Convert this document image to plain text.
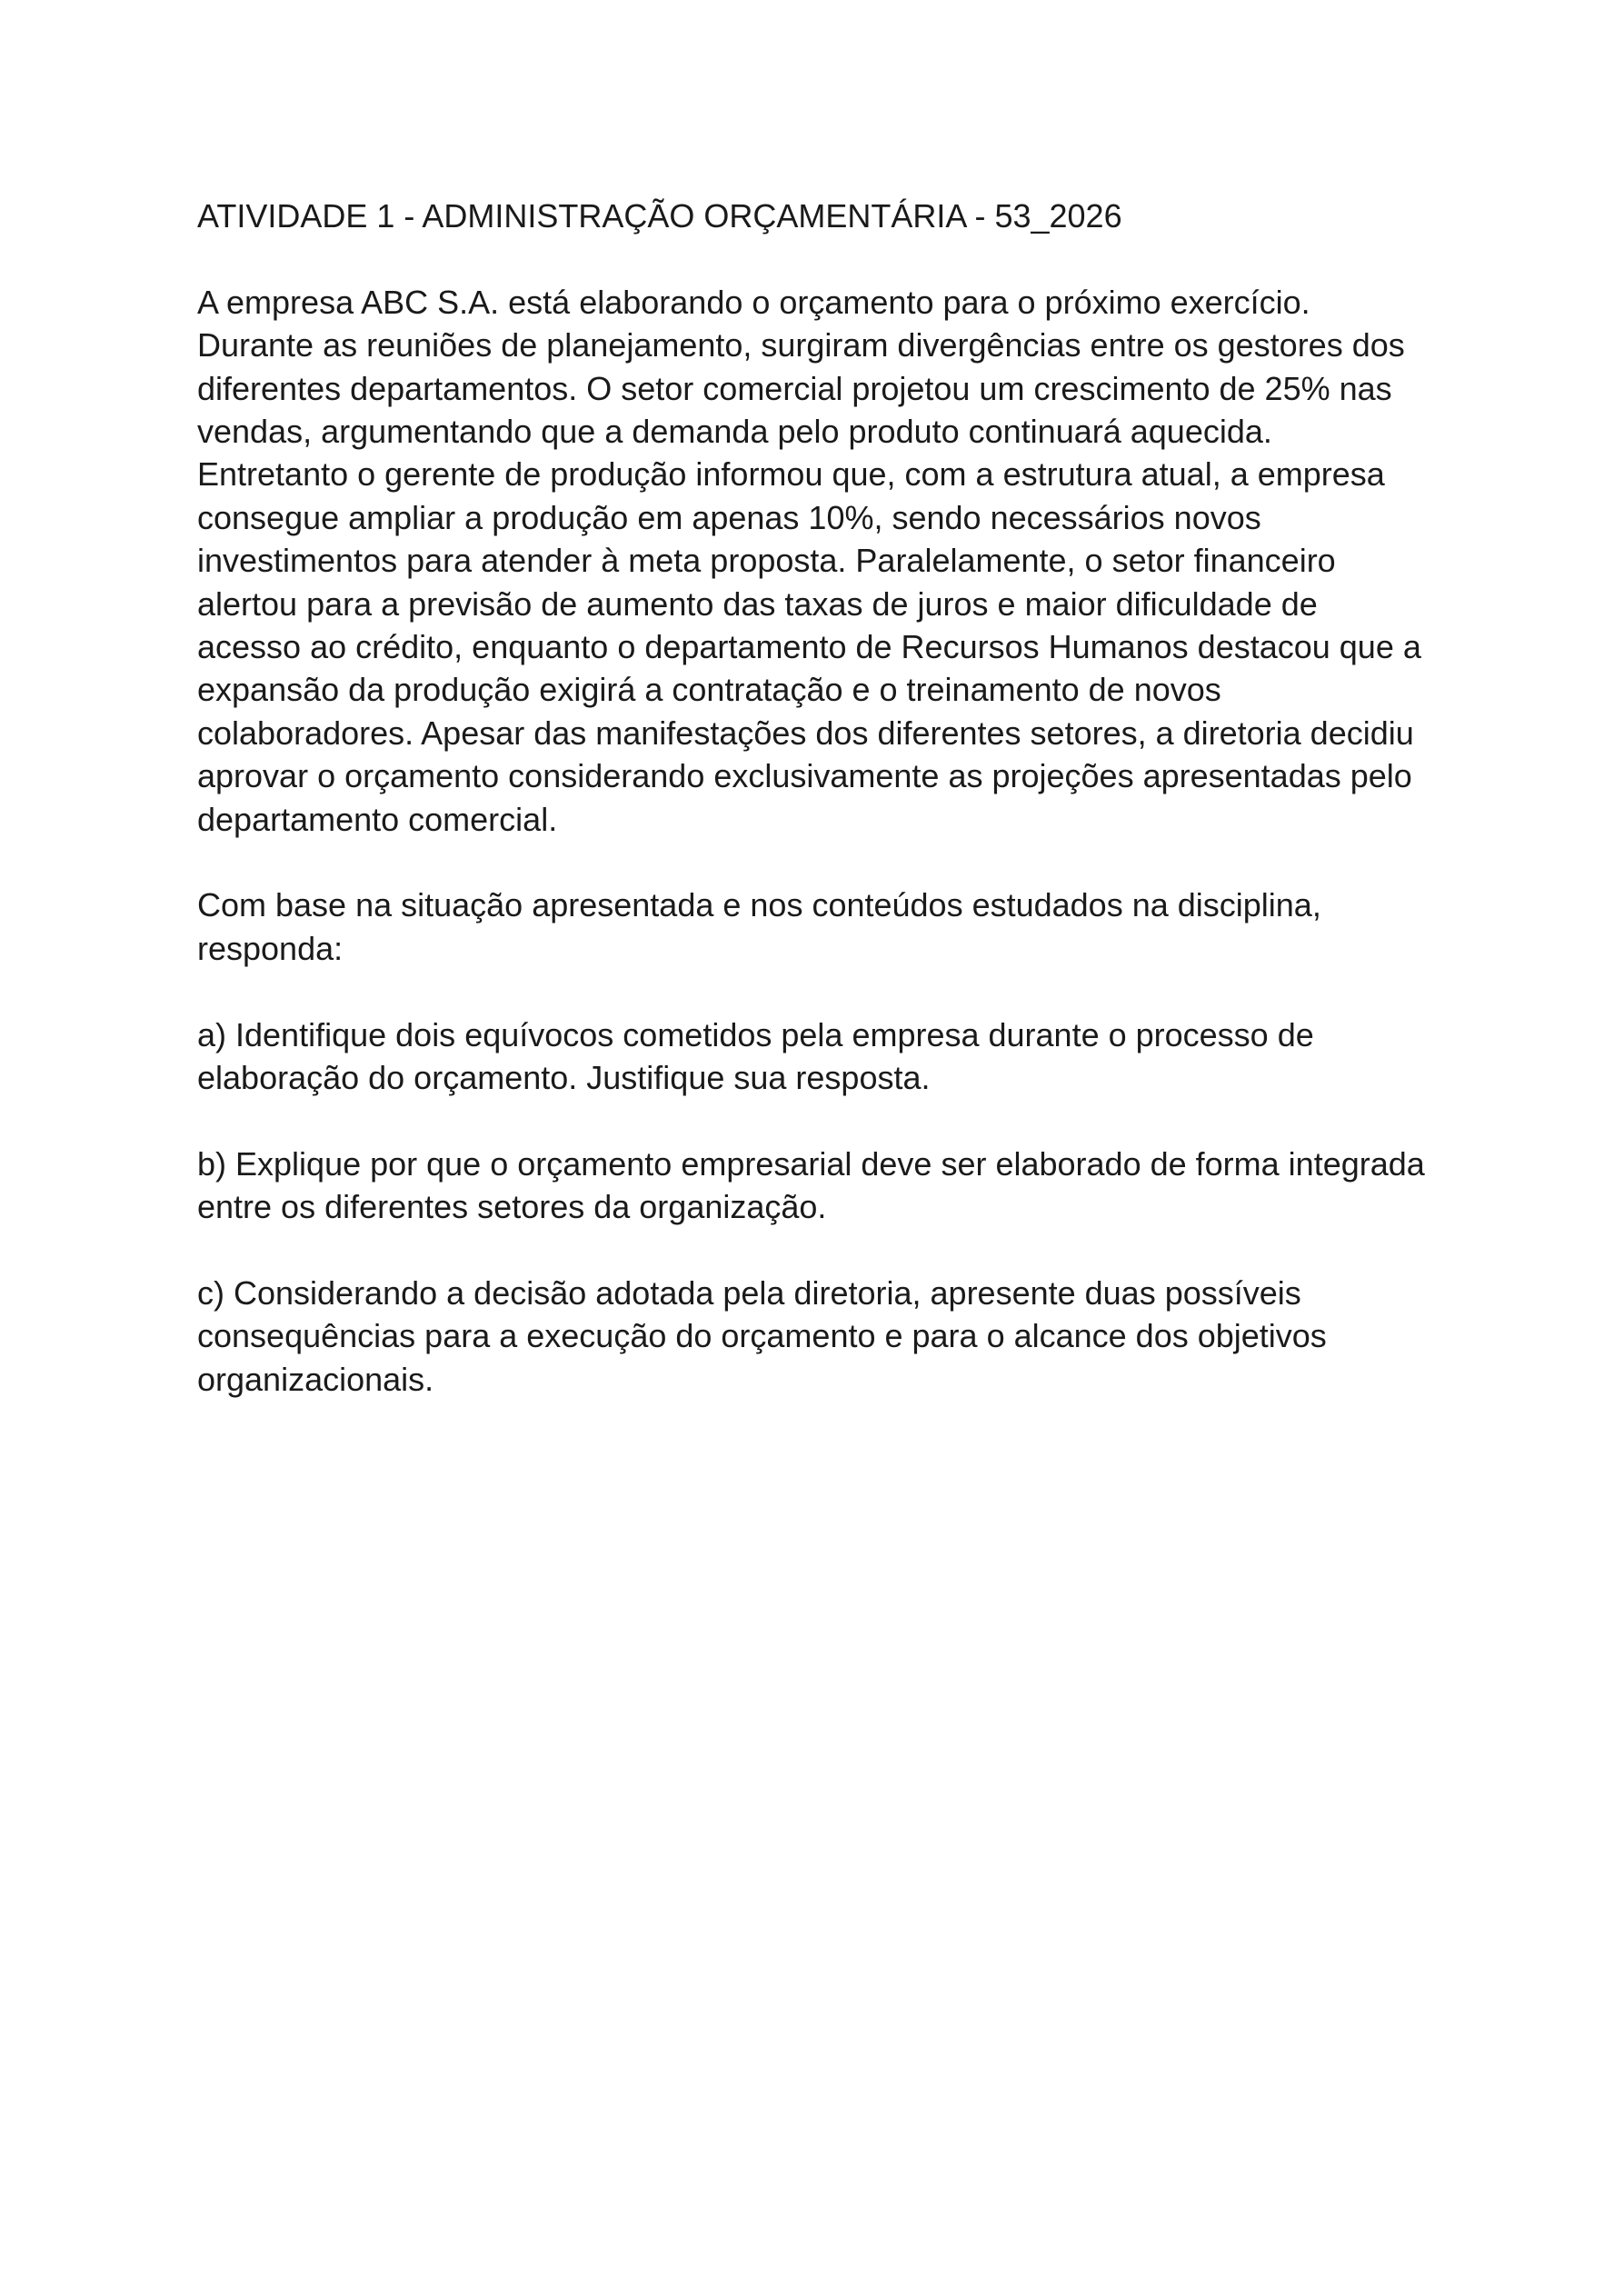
ATIVIDADE 1 - ADMINISTRAÇÃO ORÇAMENTÁRIA - 53_2026
A empresa ABC S.A. está elaborando o orçamento para o próximo exercício.
Durante as reuniões de planejamento, surgiram divergências entre os gestores dos
diferentes departamentos. O setor comercial projetou um crescimento de 25% nas
vendas, argumentando que a demanda pelo produto continuará aquecida.
Entretanto o gerente de produção informou que, com a estrutura atual, a empresa
consegue ampliar a produção em apenas 10%, sendo necessários novos
investimentos para atender à meta proposta. Paralelamente, o setor financeiro
alertou para a previsão de aumento das taxas de juros e maior dificuldade de
acesso ao crédito, enquanto o departamento de Recursos Humanos destacou que a
expansão da produção exigirá a contratação e o treinamento de novos
colaboradores. Apesar das manifestações dos diferentes setores, a diretoria decidiu
aprovar o orçamento considerando exclusivamente as projeções apresentadas pelo
departamento comercial.
Com base na situação apresentada e nos conteúdos estudados na disciplina,
responda:
a) Identifique dois equívocos cometidos pela empresa durante o processo de
elaboração do orçamento. Justifique sua resposta.
b) Explique por que o orçamento empresarial deve ser elaborado de forma integrada
entre os diferentes setores da organização.
c) Considerando a decisão adotada pela diretoria, apresente duas possíveis
consequências para a execução do orçamento e para o alcance dos objetivos
organizacionais.
